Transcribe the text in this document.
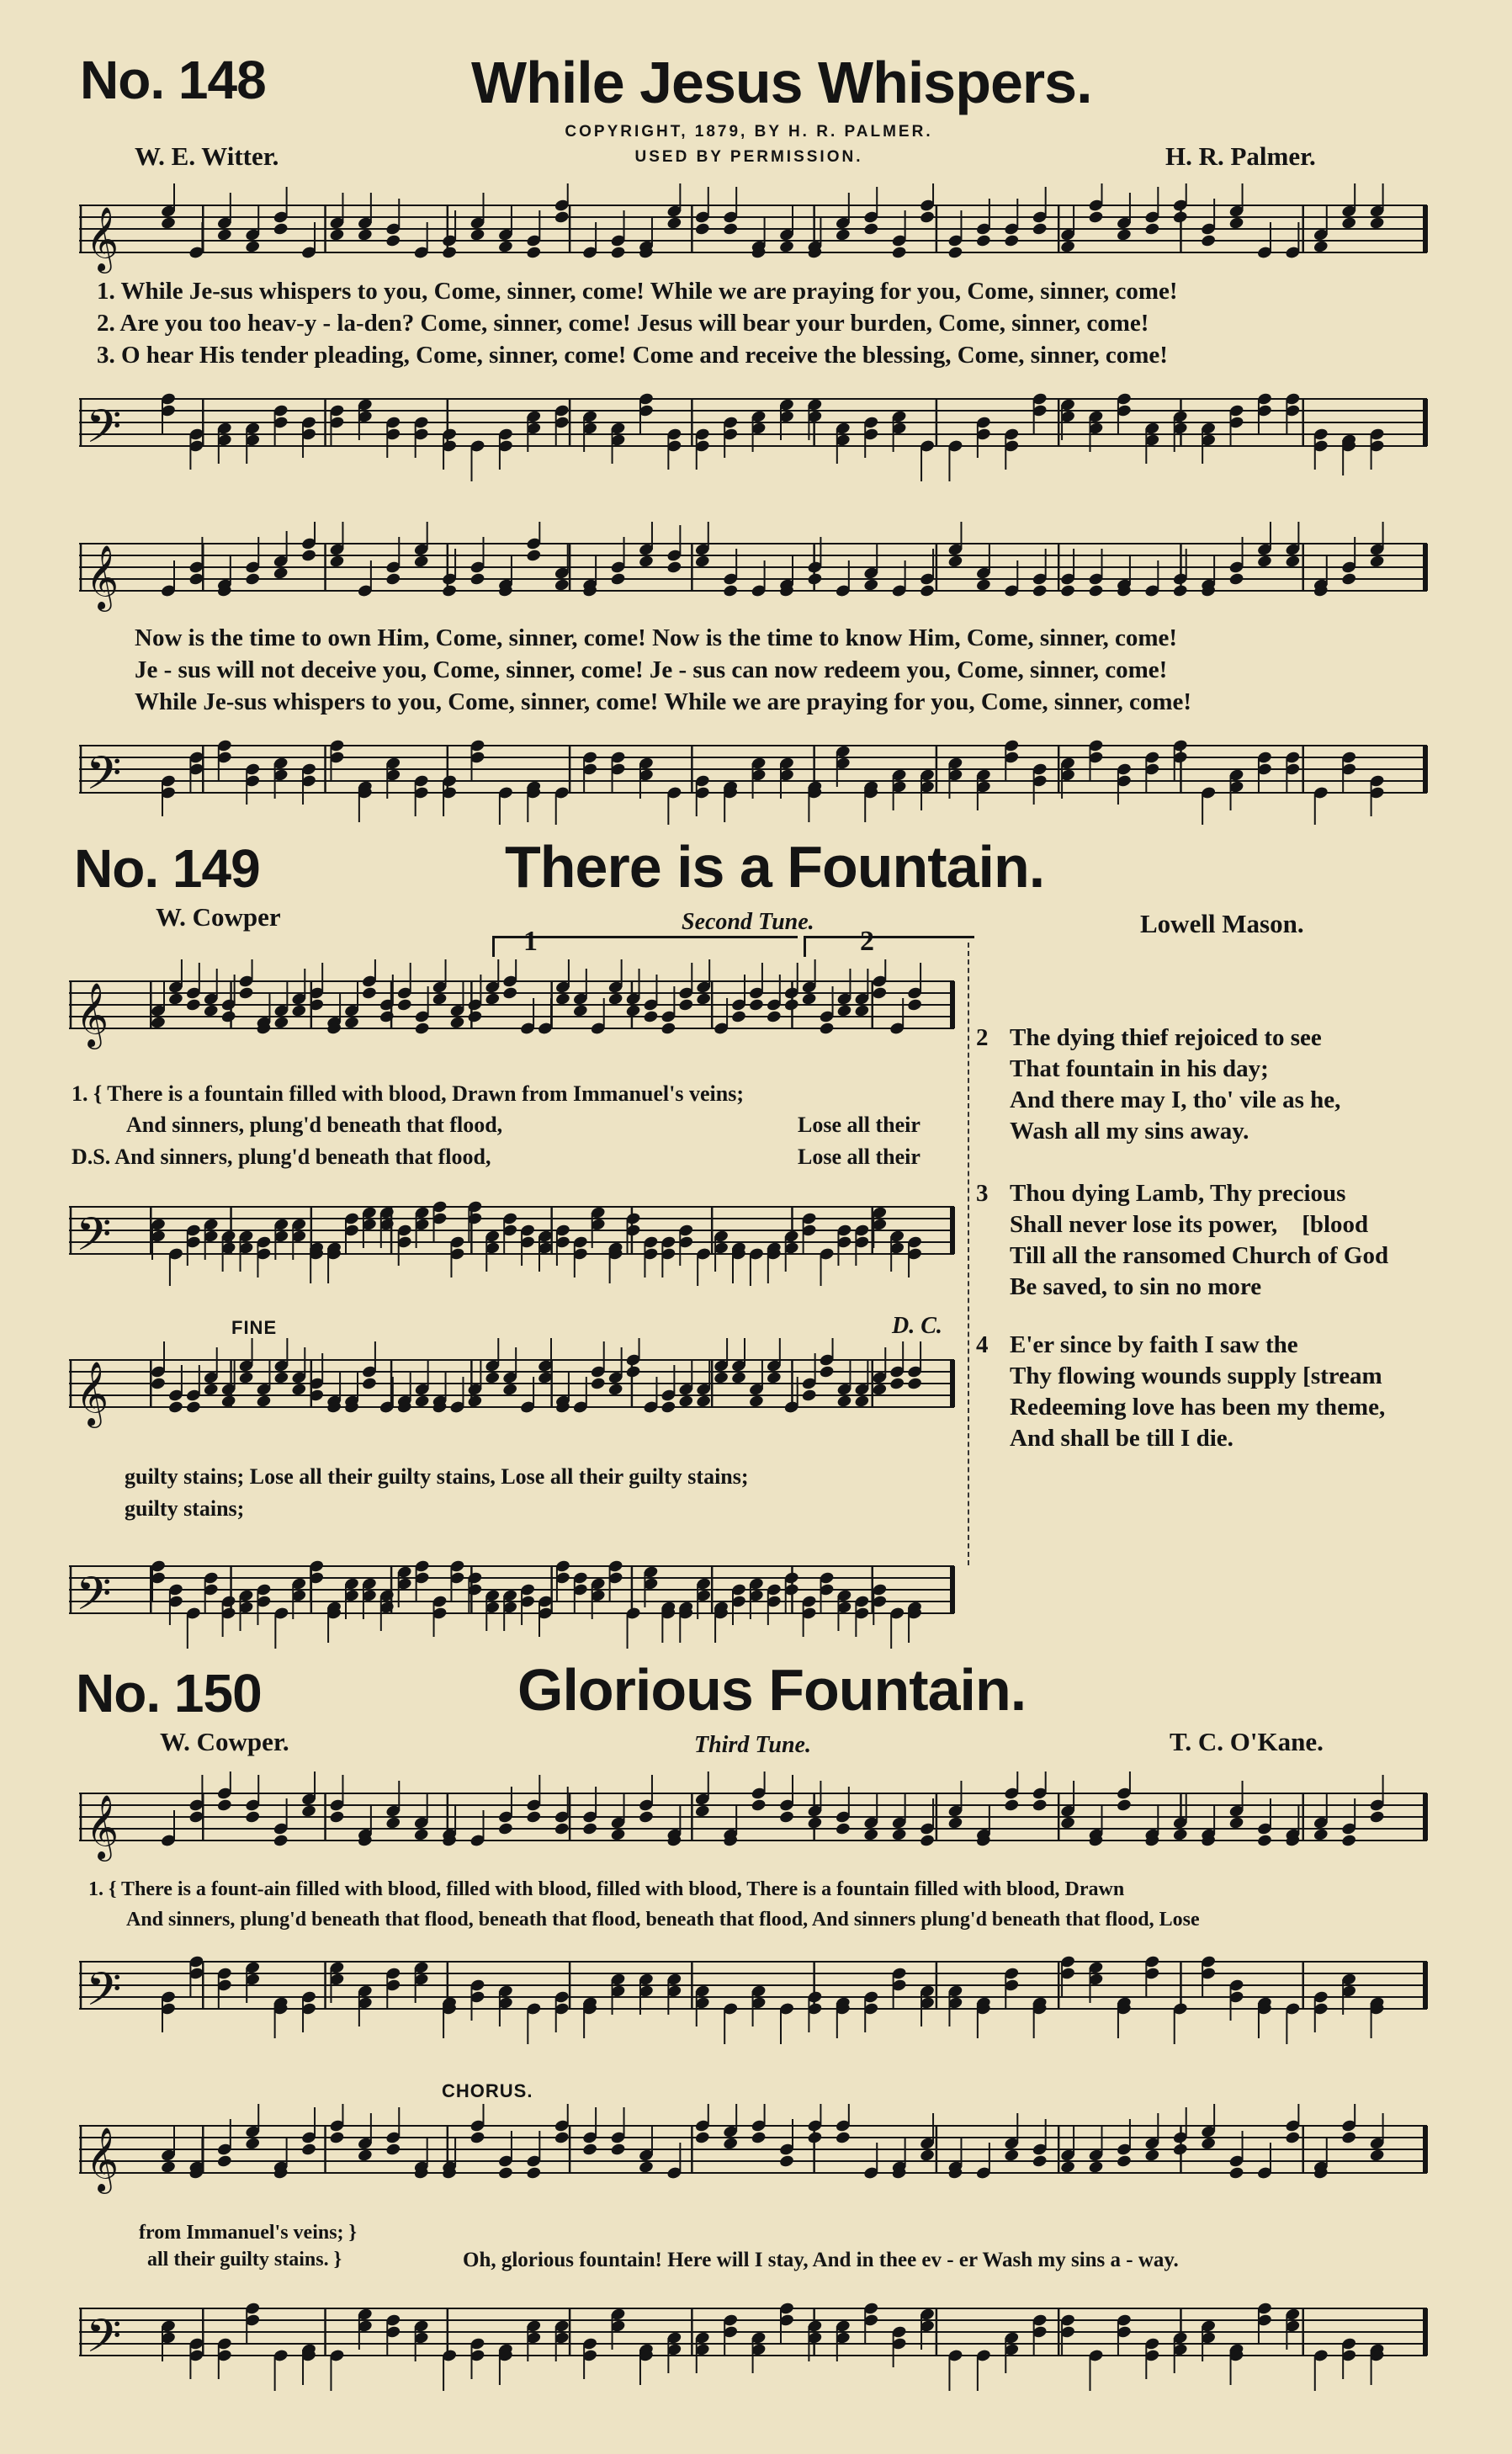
No. 148	While Jesus Whispers.
COPYRIGHT, 1879, BY H. R. PALMER.
USED BY PERMISSION.
W. E. Witter.	H. R. Palmer.
𝄞
1. While Je-sus whispers to you, Come, sinner, come! While we are praying for you, Come, sinner, come!
2. Are you too heav-y - la-den? Come, sinner, come! Jesus will bear your burden, Come, sinner, come!
3. O hear His tender pleading, Come, sinner, come! Come and receive the blessing, Come, sinner, come!
𝄢
𝄞
Now is the time to own Him, Come, sinner, come! Now is the time to know Him, Come, sinner, come!
Je - sus will not deceive you, Come, sinner, come! Je - sus can now redeem you, Come, sinner, come!
While Je-sus whispers to you, Come, sinner, come! While we are praying for you, Come, sinner, come!
𝄢
No. 149	There is a Fountain.
W. Cowper	Second Tune.	Lowell Mason.
1	2
𝄞
1. { There is a fountain filled with blood, Drawn from Immanuel's veins;
And sinners, plung'd beneath that flood,	Lose all their
D.S. And sinners, plung'd beneath that flood,	Lose all their
𝄢
FINE	D. C.
𝄞
guilty stains; Lose all their guilty stains, Lose all their guilty stains;
guilty stains;
𝄢
2 The dying thief rejoiced to see
That fountain in his day;
And there may I, tho' vile as he,
Wash all my sins away.
3 Thou dying Lamb, Thy precious
Shall never lose its power,    [blood
Till all the ransomed Church of God
Be saved, to sin no more
4 E'er since by faith I saw the
Thy flowing wounds supply [stream
Redeeming love has been my theme,
And shall be till I die.
No. 150	Glorious Fountain.
W. Cowper.	Third Tune.	T. C. O'Kane.
𝄞
1. { There is a fount-ain filled with blood, filled with blood, filled with blood, There is a fountain filled with blood, Drawn
And sinners, plung'd beneath that flood, beneath that flood, beneath that flood, And sinners plung'd beneath that flood, Lose
𝄢
CHORUS.
𝄞
from Immanuel's veins; }
all their guilty stains. }	Oh, glorious fountain! Here will I stay, And in thee ev - er Wash my sins a - way.
𝄢
